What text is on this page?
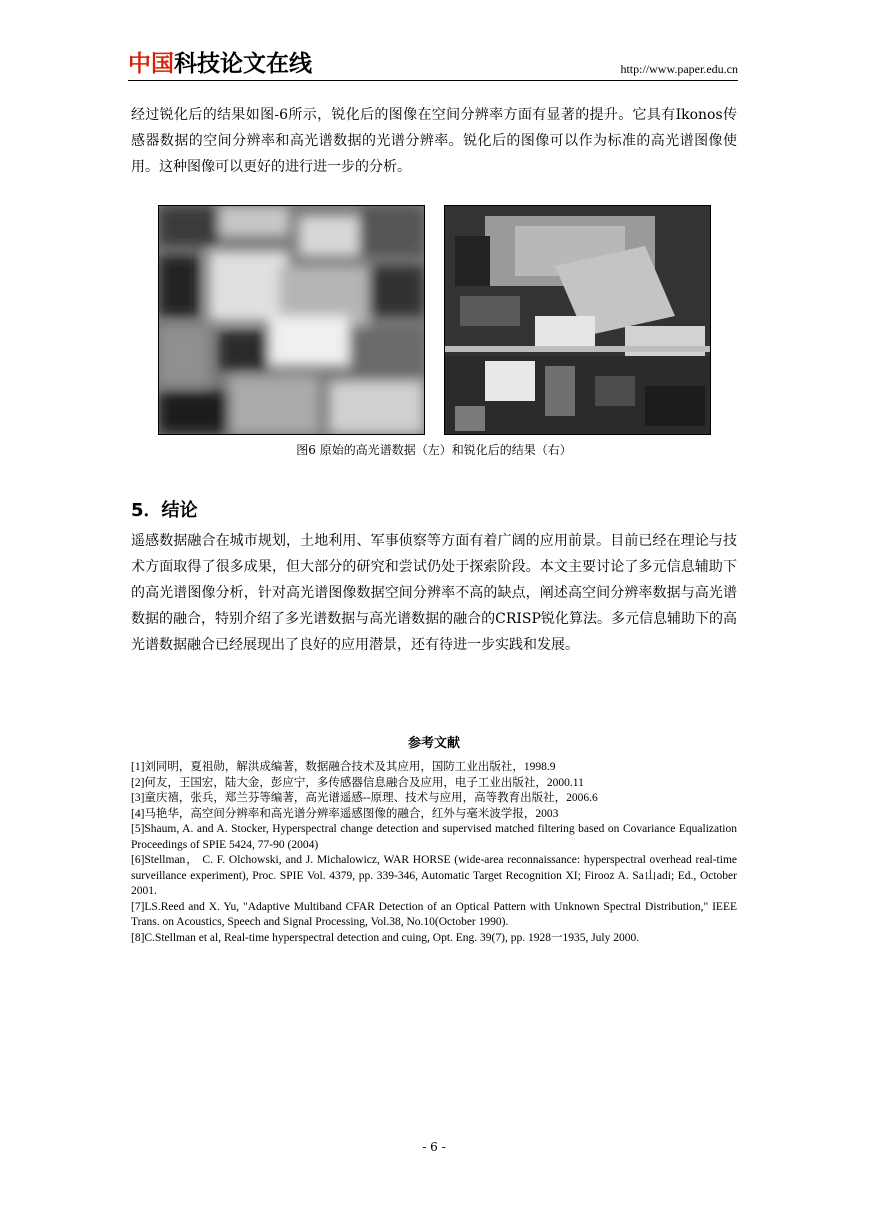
中国科技论文在线	http://www.paper.edu.cn

经过锐化后的结果如图-6所示，锐化后的图像在空间分辨率方面有显著的提升。它具有Ikonos传感器数据的空间分辨率和高光谱数据的光谱分辨率。锐化后的图像可以作为标准的高光谱图像使用。这种图像可以更好的进行进一步的分析。

图6 原始的高光谱数据（左）和锐化后的结果（右）
5．结论

遥感数据融合在城市规划，土地利用、军事侦察等方面有着广阔的应用前景。目前已经在理论与技术方面取得了很多成果，但大部分的研究和尝试仍处于探索阶段。本文主要讨论了多元信息辅助下的高光谱图像分析，针对高光谱图像数据空间分辨率不高的缺点，阐述高空间分辨率数据与高光谱数据的融合，特别介绍了多光谱数据与高光谱数据的融合的CRISP锐化算法。多元信息辅助下的高光谱数据融合已经展现出了良好的应用潜景，还有待进一步实践和发展。

参考文献
[1]刘同明，夏祖勋，解洪成编著，数据融合技术及其应用，国防工业出版社，1998.9
[2]何友，王国宏，陆大金，彭应宁，多传感器信息融合及应用，电子工业出版社，2000.11
[3]童庆禧，张兵，郑兰芬等编著，高光谱遥感--原理、技术与应用，高等教育出版社，2006.6
[4]马艳华，高空间分辨率和高光谱分辨率遥感图像的融合，红外与毫米波学报，2003
[5]Shaum, A. and A. Stocker, Hyperspectral change detection and supervised matched filtering based on Covariance Equalization Proceedings of SPIE 5424, 77-90 (2004)
[6]Stellman， C. F. Olchowski, and J. Michalowicz, WAR HORSE (wide-area reconnaissance: hyperspectral overhead real-time surveillance experiment), Proc. SPIE Vol. 4379, pp. 339-346, Automatic Target Recognition XI; Firooz A. Sa山adi; Ed., October 2001.
[7]LS.Reed and X. Yu, "Adaptive Multiband CFAR Detection of an Optical Pattern with Unknown Spectral Distribution," IEEE Trans. on Acoustics, Speech and Signal Processing, Vol.38, No.10(October 1990).
[8]C.Stellman et al, Real-time hyperspectral detection and cuing, Opt. Eng. 39(7), pp. 1928一1935, July 2000.
- 6 -
